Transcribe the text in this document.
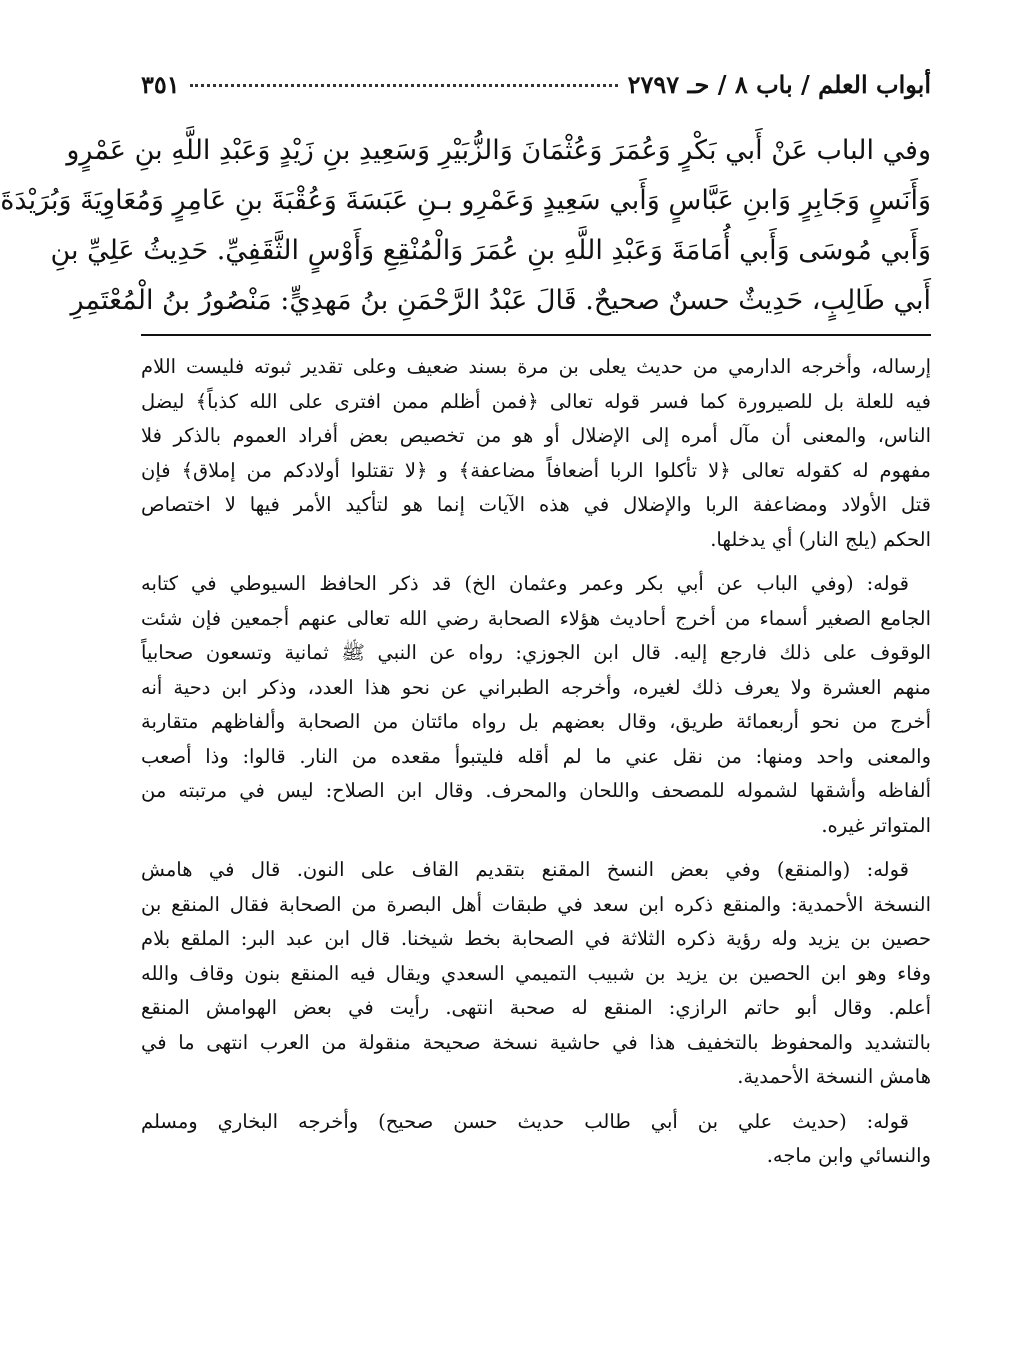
أبواب العلم / باب ٨ / حـ ٢٧٩٧
٣٥١
وفي الباب عَنْ أَبي بَكْرٍ وَعُمَرَ وَعُثْمَانَ وَالزُّبَيْرِ وَسَعِيدِ بنِ زَيْدٍ وَعَبْدِ اللَّهِ بنِ عَمْرٍو
وَأَنَسٍ وَجَابِرٍ وَابنِ عَبَّاسٍ وَأَبي سَعِيدٍ وَعَمْرِو بـنِ عَبَسَةَ وَعُقْبَةَ بنِ عَامِرٍ وَمُعَاوِيَةَ وَبُرَيْدَةَ
وَأَبي مُوسَى وَأَبي أُمَامَةَ وَعَبْدِ اللَّهِ بنِ عُمَرَ وَالْمُنْقِعِ وَأَوْسٍ الثَّقَفِيِّ. حَدِيثُ عَلِيِّ بنِ
أَبي طَالِبٍ، حَدِيثٌ حسنٌ صحيحٌ. قَالَ عَبْدُ الرَّحْمَنِ بنُ مَهدِيٍّ: مَنْصُورُ بنُ الْمُعْتَمِرِ
إرساله، وأخرجه الدارمي من حديث يعلى بن مرة بسند ضعيف وعلى تقدير ثبوته فليست اللام
فيه للعلة بل للصيرورة كما فسر قوله تعالى ﴿فمن أظلم ممن افترى على الله كذباً﴾ ليضل
الناس، والمعنى أن مآل أمره إلى الإضلال أو هو من تخصيص بعض أفراد العموم بالذكر فلا
مفهوم له كقوله تعالى ﴿لا تأكلوا الربا أضعافاً مضاعفة﴾ و ﴿لا تقتلوا أولادكم من إملاق﴾ فإن
قتل الأولاد ومضاعفة الربا والإضلال في هذه الآيات إنما هو لتأكيد الأمر فيها لا اختصاص
الحكم (يلج النار) أي يدخلها.
قوله: (وفي الباب عن أبي بكر وعمر وعثمان الخ) قد ذكر الحافظ السيوطي في كتابه
الجامع الصغير أسماء من أخرج أحاديث هؤلاء الصحابة رضي الله تعالى عنهم أجمعين فإن شئت
الوقوف على ذلك فارجع إليه. قال ابن الجوزي: رواه عن النبي ﷺ ثمانية وتسعون صحابياً
منهم العشرة ولا يعرف ذلك لغيره، وأخرجه الطبراني عن نحو هذا العدد، وذكر ابن دحية أنه
أخرج من نحو أربعمائة طريق، وقال بعضهم بل رواه مائتان من الصحابة وألفاظهم متقاربة
والمعنى واحد ومنها: من نقل عني ما لم أقله فليتبوأ مقعده من النار. قالوا: وذا أصعب
ألفاظه وأشقها لشموله للمصحف واللحان والمحرف. وقال ابن الصلاح: ليس في مرتبته من
المتواتر غيره.
قوله: (والمنقع) وفي بعض النسخ المقنع بتقديم القاف على النون. قال في هامش
النسخة الأحمدية: والمنقع ذكره ابن سعد في طبقات أهل البصرة من الصحابة فقال المنقع بن
حصين بن يزيد وله رؤية ذكره الثلاثة في الصحابة بخط شيخنا. قال ابن عبد البر: الملقع بلام
وفاء وهو ابن الحصين بن يزيد بن شبيب التميمي السعدي ويقال فيه المنقع بنون وقاف والله
أعلم. وقال أبو حاتم الرازي: المنقع له صحبة انتهى. رأيت في بعض الهوامش المنقع
بالتشديد والمحفوظ بالتخفيف هذا في حاشية نسخة صحيحة منقولة من العرب انتهى ما في
هامش النسخة الأحمدية.
قوله: (حديث علي بن أبي طالب حديث حسن صحيح) وأخرجه البخاري ومسلم
والنسائي وابن ماجه.
